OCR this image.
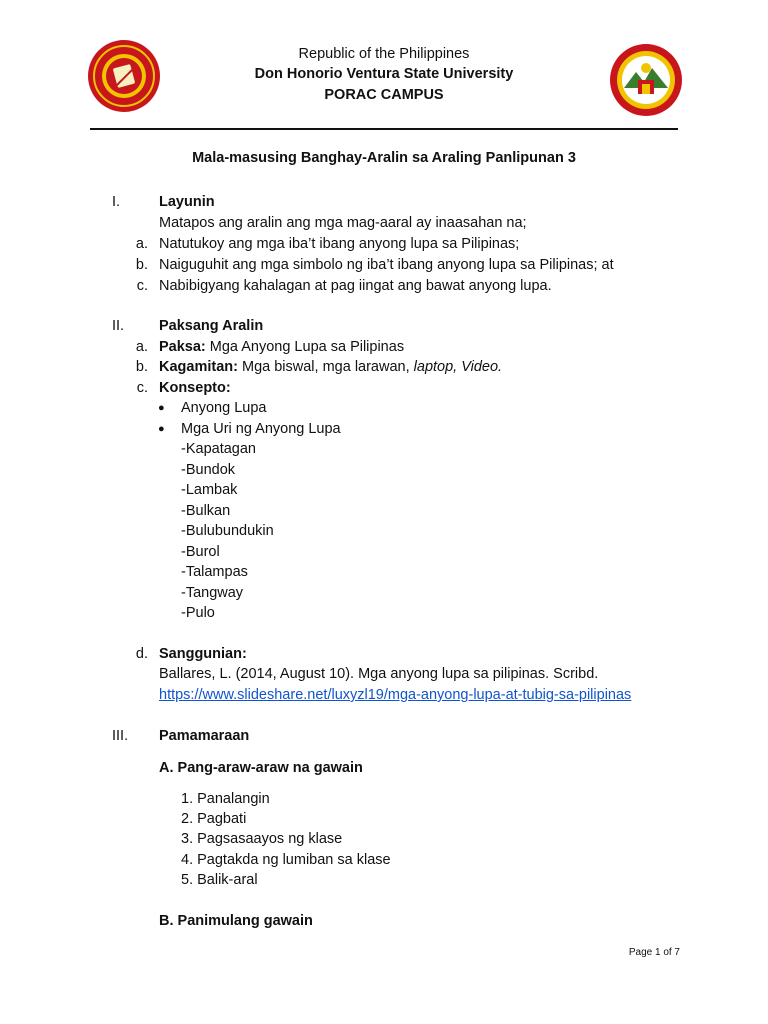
Republic of the Philippines
Don Honorio Ventura State University
PORAC CAMPUS
Mala-masusing Banghay-Aralin sa Araling Panlipunan 3
I.	Layunin
Matapos ang aralin ang mga mag-aaral ay inaasahan na;
a. Natutukoy ang mga iba’t ibang anyong lupa sa Pilipinas;
b. Naiguguhit ang mga simbolo ng iba’t ibang anyong lupa sa Pilipinas; at
c. Nabibigyang kahalagan at pag iingat ang bawat anyong lupa.
II. Paksang Aralin
a. Paksa: Mga Anyong Lupa sa Pilipinas
b. Kagamitan: Mga biswal, mga larawan, laptop, Video.
c. Konsepto:
● Anyong Lupa
● Mga Uri ng Anyong Lupa
-Kapatagan
-Bundok
-Lambak
-Bulkan
-Bulubundukin
-Burol
-Talampas
-Tangway
-Pulo
d. Sanggunian:
Ballares, L. (2014, August 10). Mga anyong lupa sa pilipinas. Scribd.
https://www.slideshare.net/luxyzl19/mga-anyong-lupa-at-tubig-sa-pilipinas
III. Pamamaraan
A. Pang-araw-araw na gawain
1. Panalangin
2. Pagbati
3. Pagsasaayos ng klase
4. Pagtakda ng lumiban sa klase
5. Balik-aral
B. Panimulang gawain
Page 1 of 7
